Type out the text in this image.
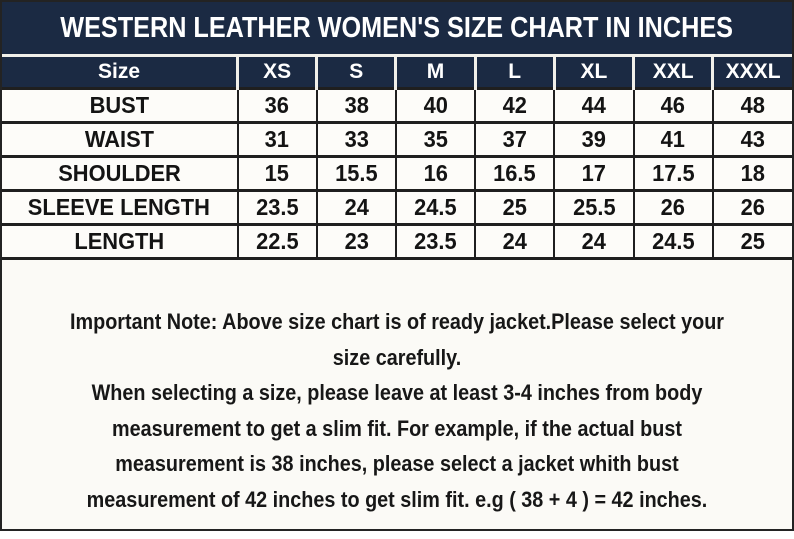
WESTERN LEATHER WOMEN'S SIZE CHART IN INCHES
Size	XS	S	M	L	XL	XXL	XXXL
BUST	36	38	40	42	44	46	48
WAIST	31	33	35	37	39	41	43
SHOULDER	15	15.5	16	16.5	17	17.5	18
SLEEVE LENGTH	23.5	24	24.5	25	25.5	26	26
LENGTH	22.5	23	23.5	24	24	24.5	25
Important Note: Above size chart is of ready jacket.Please select your
size carefully.
When selecting a size, please leave at least 3-4 inches from body
measurement to get a slim fit. For example, if the actual bust
measurement is 38 inches, please select a jacket whith bust
measurement of 42 inches to get slim fit. e.g ( 38 + 4 ) = 42 inches.
